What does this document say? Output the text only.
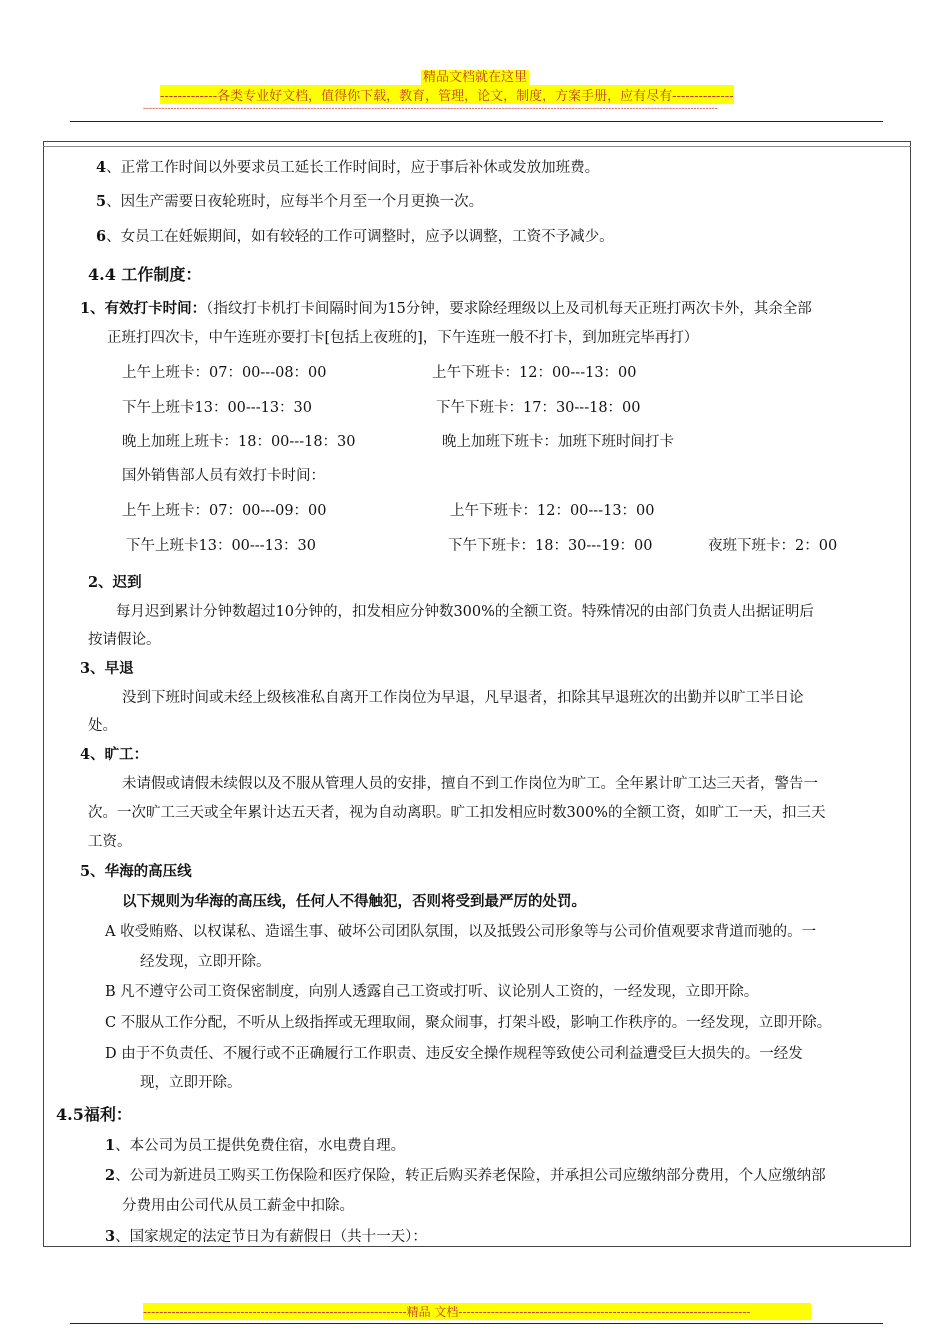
精品文档就在这里
-------------各类专业好文档，值得你下载，教育，管理，论文，制度，方案手册，应有尽有--------------
---------------------------------------------------------------------------------------------------------------------------------------------------------------------------------------------
4、正常工作时间以外要求员工延长工作时间时，应于事后补休或发放加班费。
5、因生产需要日夜轮班时，应每半个月至一个月更换一次。
6、女员工在妊娠期间，如有较轻的工作可调整时，应予以调整，工资不予减少。
4.4 工作制度：
1、有效打卡时间：（指纹打卡机打卡间隔时间为15分钟，要求除经理级以上及司机每天正班打两次卡外，其余全部
正班打四次卡，中午连班亦要打卡[包括上夜班的]，下午连班一般不打卡，到加班完毕再打）
上午上班卡：07：00---08：00	上午下班卡：12：00---13：00
下午上班卡13：00---13：30	下午下班卡：17：30---18：00
晚上加班上班卡：18：00---18：30	晚上加班下班卡：加班下班时间打卡
国外销售部人员有效打卡时间：
上午上班卡：07：00---09：00	上午下班卡：12：00---13：00
下午上班卡13：00---13：30	下午下班卡：18：30---19：00	夜班下班卡：2：00
2、迟到
每月迟到累计分钟数超过10分钟的，扣发相应分钟数300%的全额工资。特殊情况的由部门负责人出据证明后
按请假论。
3、早退
没到下班时间或未经上级核准私自离开工作岗位为早退，凡早退者，扣除其早退班次的出勤并以旷工半日论
处。
4、旷工：
未请假或请假未续假以及不服从管理人员的安排，擅自不到工作岗位为旷工。全年累计旷工达三天者，警告一
次。一次旷工三天或全年累计达五天者，视为自动离职。旷工扣发相应时数300%的全额工资，如旷工一天，扣三天
工资。
5、华海的高压线
以下规则为华海的高压线，任何人不得触犯，否则将受到最严厉的处罚。
A 收受贿赂、以权谋私、造谣生事、破坏公司团队氛围，以及抵毁公司形象等与公司价值观要求背道而驰的。一
经发现，立即开除。
B 凡不遵守公司工资保密制度，向别人透露自己工资或打听、议论别人工资的，一经发现，立即开除。
C 不服从工作分配，不听从上级指挥或无理取闹，聚众闹事，打架斗殴，影响工作秩序的。一经发现，立即开除。
D 由于不负责任、不履行或不正确履行工作职责、违反安全操作规程等致使公司利益遭受巨大损失的。一经发
现，立即开除。
4.5福利：
1、本公司为员工提供免费住宿，水电费自理。
2、公司为新进员工购买工伤保险和医疗保险，转正后购买养老保险，并承担公司应缴纳部分费用，个人应缴纳部
分费用由公司代从员工薪金中扣除。
3、国家规定的法定节日为有薪假日（共十一天）：
-----------------------------------------------------------------精品 文档------------------------------------------------------------------------
